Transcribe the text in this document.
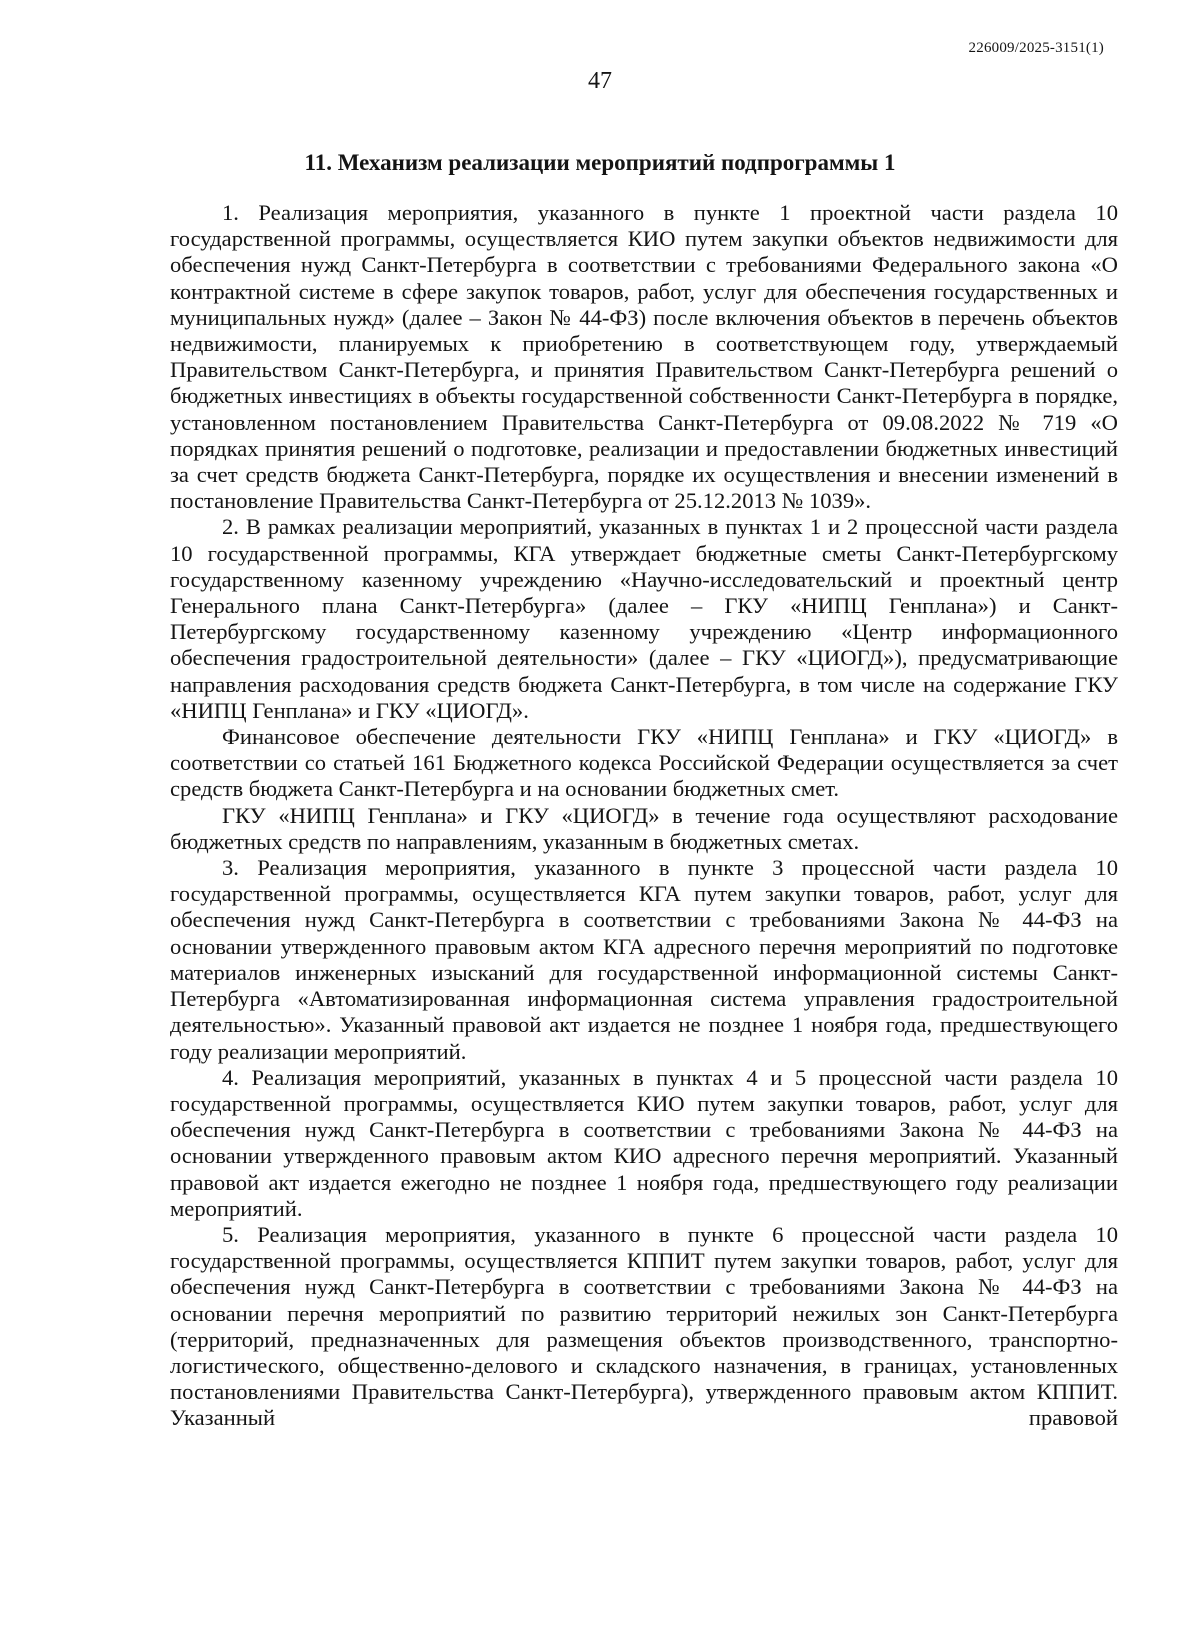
226009/2025-3151(1)
47
11. Механизм реализации мероприятий подпрограммы 1

1. Реализация мероприятия, указанного в пункте 1 проектной части раздела 10 государственной программы, осуществляется КИО путем закупки объектов недвижимости для обеспечения нужд Санкт-Петербурга в соответствии с требованиями Федерального закона «О контрактной системе в сфере закупок товаров, работ, услуг для обеспечения государственных и муниципальных нужд» (далее – Закон № 44-ФЗ) после включения объектов в перечень объектов недвижимости, планируемых к приобретению в соответствующем году, утверждаемый Правительством Санкт-Петербурга, и принятия Правительством Санкт-Петербурга решений о бюджетных инвестициях в объекты государственной собственности Санкт-Петербурга в порядке, установленном постановлением Правительства Санкт-Петербурга от 09.08.2022 № 719 «О порядках принятия решений о подготовке, реализации и предоставлении бюджетных инвестиций за счет средств бюджета Санкт-Петербурга, порядке их осуществления и внесении изменений в постановление Правительства Санкт-Петербурга от 25.12.2013 № 1039».

2. В рамках реализации мероприятий, указанных в пунктах 1 и 2 процессной части раздела 10 государственной программы, КГА утверждает бюджетные сметы Санкт-Петербургскому государственному казенному учреждению «Научно-исследовательский и проектный центр Генерального плана Санкт-Петербурга» (далее – ГКУ «НИПЦ Генплана») и Санкт-Петербургскому государственному казенному учреждению «Центр информационного обеспечения градостроительной деятельности» (далее – ГКУ «ЦИОГД»), предусматривающие направления расходования средств бюджета Санкт-Петербурга, в том числе на содержание ГКУ «НИПЦ Генплана» и ГКУ «ЦИОГД».

Финансовое обеспечение деятельности ГКУ «НИПЦ Генплана» и ГКУ «ЦИОГД» в соответствии со статьей 161 Бюджетного кодекса Российской Федерации осуществляется за счет средств бюджета Санкт-Петербурга и на основании бюджетных смет.

ГКУ «НИПЦ Генплана» и ГКУ «ЦИОГД» в течение года осуществляют расходование бюджетных средств по направлениям, указанным в бюджетных сметах.

3. Реализация мероприятия, указанного в пункте 3 процессной части раздела 10 государственной программы, осуществляется КГА путем закупки товаров, работ, услуг для обеспечения нужд Санкт-Петербурга в соответствии с требованиями Закона № 44-ФЗ на основании утвержденного правовым актом КГА адресного перечня мероприятий по подготовке материалов инженерных изысканий для государственной информационной системы Санкт-Петербурга «Автоматизированная информационная система управления градостроительной деятельностью». Указанный правовой акт издается не позднее 1 ноября года, предшествующего году реализации мероприятий.

4. Реализация мероприятий, указанных в пунктах 4 и 5 процессной части раздела 10 государственной программы, осуществляется КИО путем закупки товаров, работ, услуг для обеспечения нужд Санкт-Петербурга в соответствии с требованиями Закона № 44-ФЗ на основании утвержденного правовым актом КИО адресного перечня мероприятий. Указанный правовой акт издается ежегодно не позднее 1 ноября года, предшествующего году реализации мероприятий.

5. Реализация мероприятия, указанного в пункте 6 процессной части раздела 10 государственной программы, осуществляется КППИТ путем закупки товаров, работ, услуг для обеспечения нужд Санкт-Петербурга в соответствии с требованиями Закона № 44-ФЗ на основании перечня мероприятий по развитию территорий нежилых зон Санкт-Петербурга (территорий, предназначенных для размещения объектов производственного, транспортно-логистического, общественно-делового и складского назначения, в границах, установленных постановлениями Правительства Санкт-Петербурга), утвержденного правовым актом КППИТ. Указанный правовой
